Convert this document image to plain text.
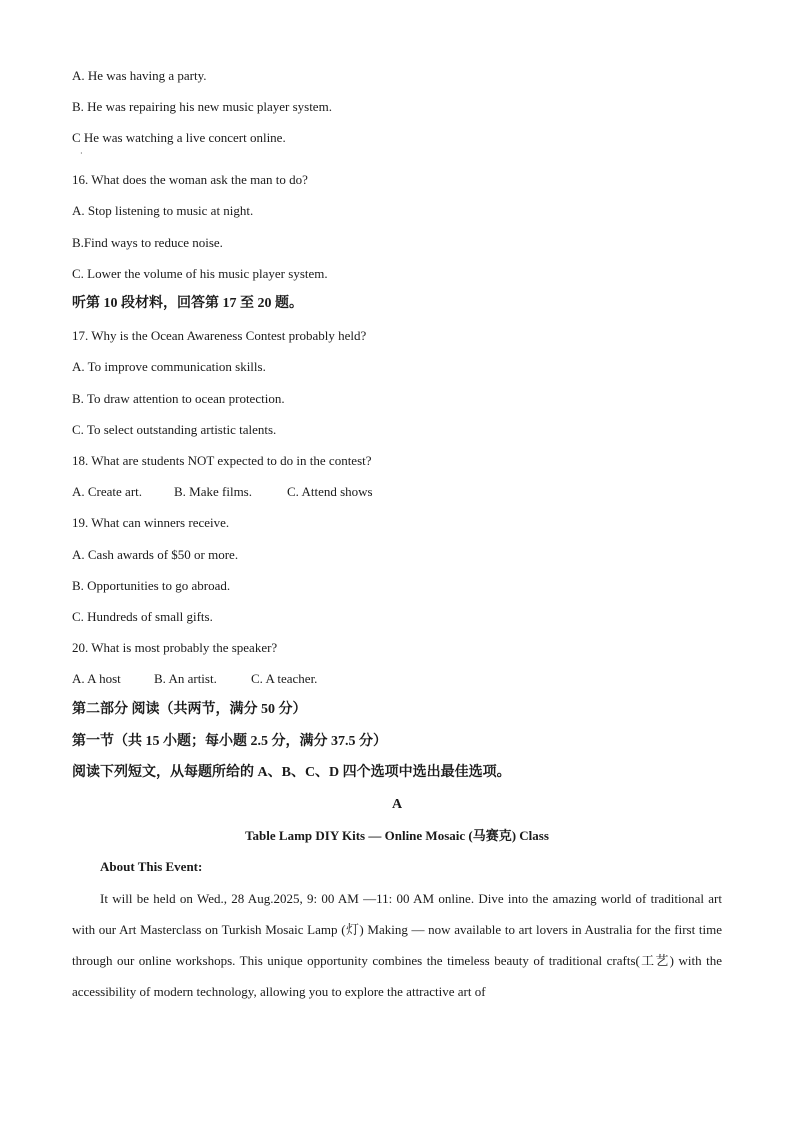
A. He was having a party.
B. He was repairing his new music player system.
C He was watching a live concert online.
·
16. What does the woman ask the man to do?
A. Stop listening to music at night.
B.Find ways to reduce noise.
C. Lower the volume of his music player system.
听第 10 段材料，回答第 17 至 20 题。
17. Why is the Ocean Awareness Contest probably held?
A. To improve communication skills.
B. To draw attention to ocean protection.
C. To select outstanding artistic talents.
18. What are students NOT expected to do in the contest?
A. Create art. B. Make films.	C. Attend shows
19. What can winners receive.
A. Cash awards of $50 or more.
B. Opportunities to go abroad.
C. Hundreds of small gifts.
20. What is most probably the speaker?
A. A host	B. An artist.	C. A teacher.
第二部分 阅读（共两节，满分 50 分）
第一节（共 15 小题；每小题 2.5 分，满分 37.5 分）
阅读下列短文，从每题所给的 A、B、C、D 四个选项中选出最佳选项。
A
Table Lamp DIY Kits — Online Mosaic (马赛克) Class
About This Event:

It will be held on Wed., 28 Aug.2025, 9: 00 AM —11: 00 AM online. Dive into the amazing world of traditional art with our Art Masterclass on Turkish Mosaic Lamp (灯) Making — now available to art lovers in Australia for the first time through our online workshops. This unique opportunity combines the timeless beauty of traditional crafts(工艺) with the accessibility of modern technology, allowing you to explore the attractive art of
